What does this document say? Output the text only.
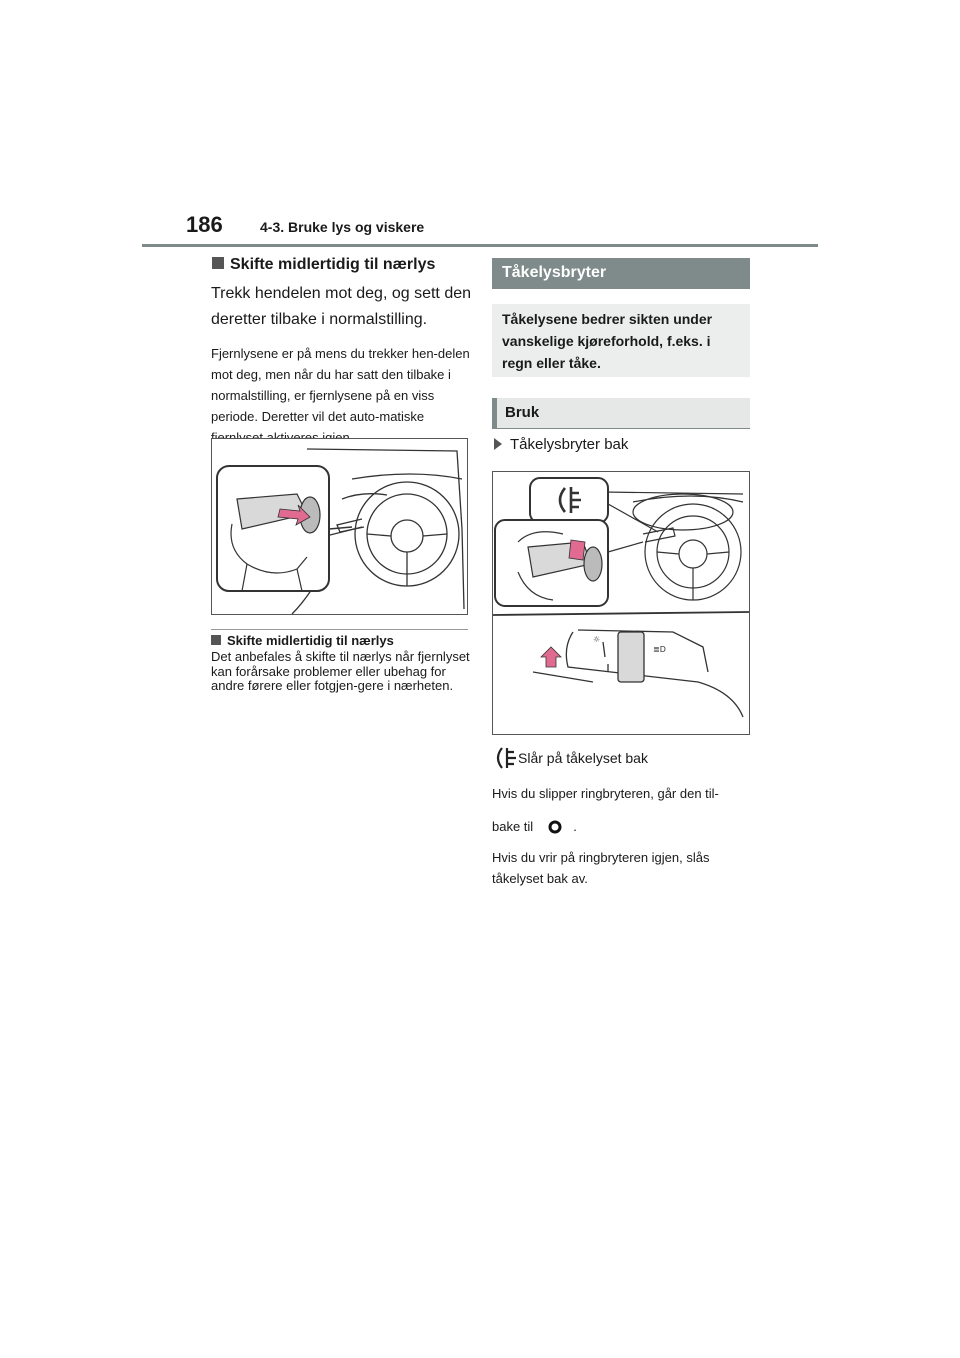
186	4-3. Bruke lys og viskere
Skifte midlertidig til nærlys
Trekk hendelen mot deg, og sett den deretter tilbake i normalstilling.
Fjernlysene er på mens du trekker hen-delen mot deg, men når du har satt den tilbake i normalstilling, er fjernlysene på en viss periode. Deretter vil det auto-matiske
Skifte midlertidig til nærlys
Det anbefales å skifte til nærlys når fjernlyset kan forårsake problemer eller ubehag for andre førere eller fotgjen-gere i nærheten.
Tåkelysbryter
Tåkelysene bedrer sikten under vanskelige kjøreforhold, f.eks. i regn eller tåke.
Bruk
Tåkelysbryter bak
☼
≣D
Slår på tåkelyset bak
Hvis du slipper ringbryteren, går den til-
bake til	.
Hvis du vrir på ringbryteren igjen, slås tåkelyset bak av.
